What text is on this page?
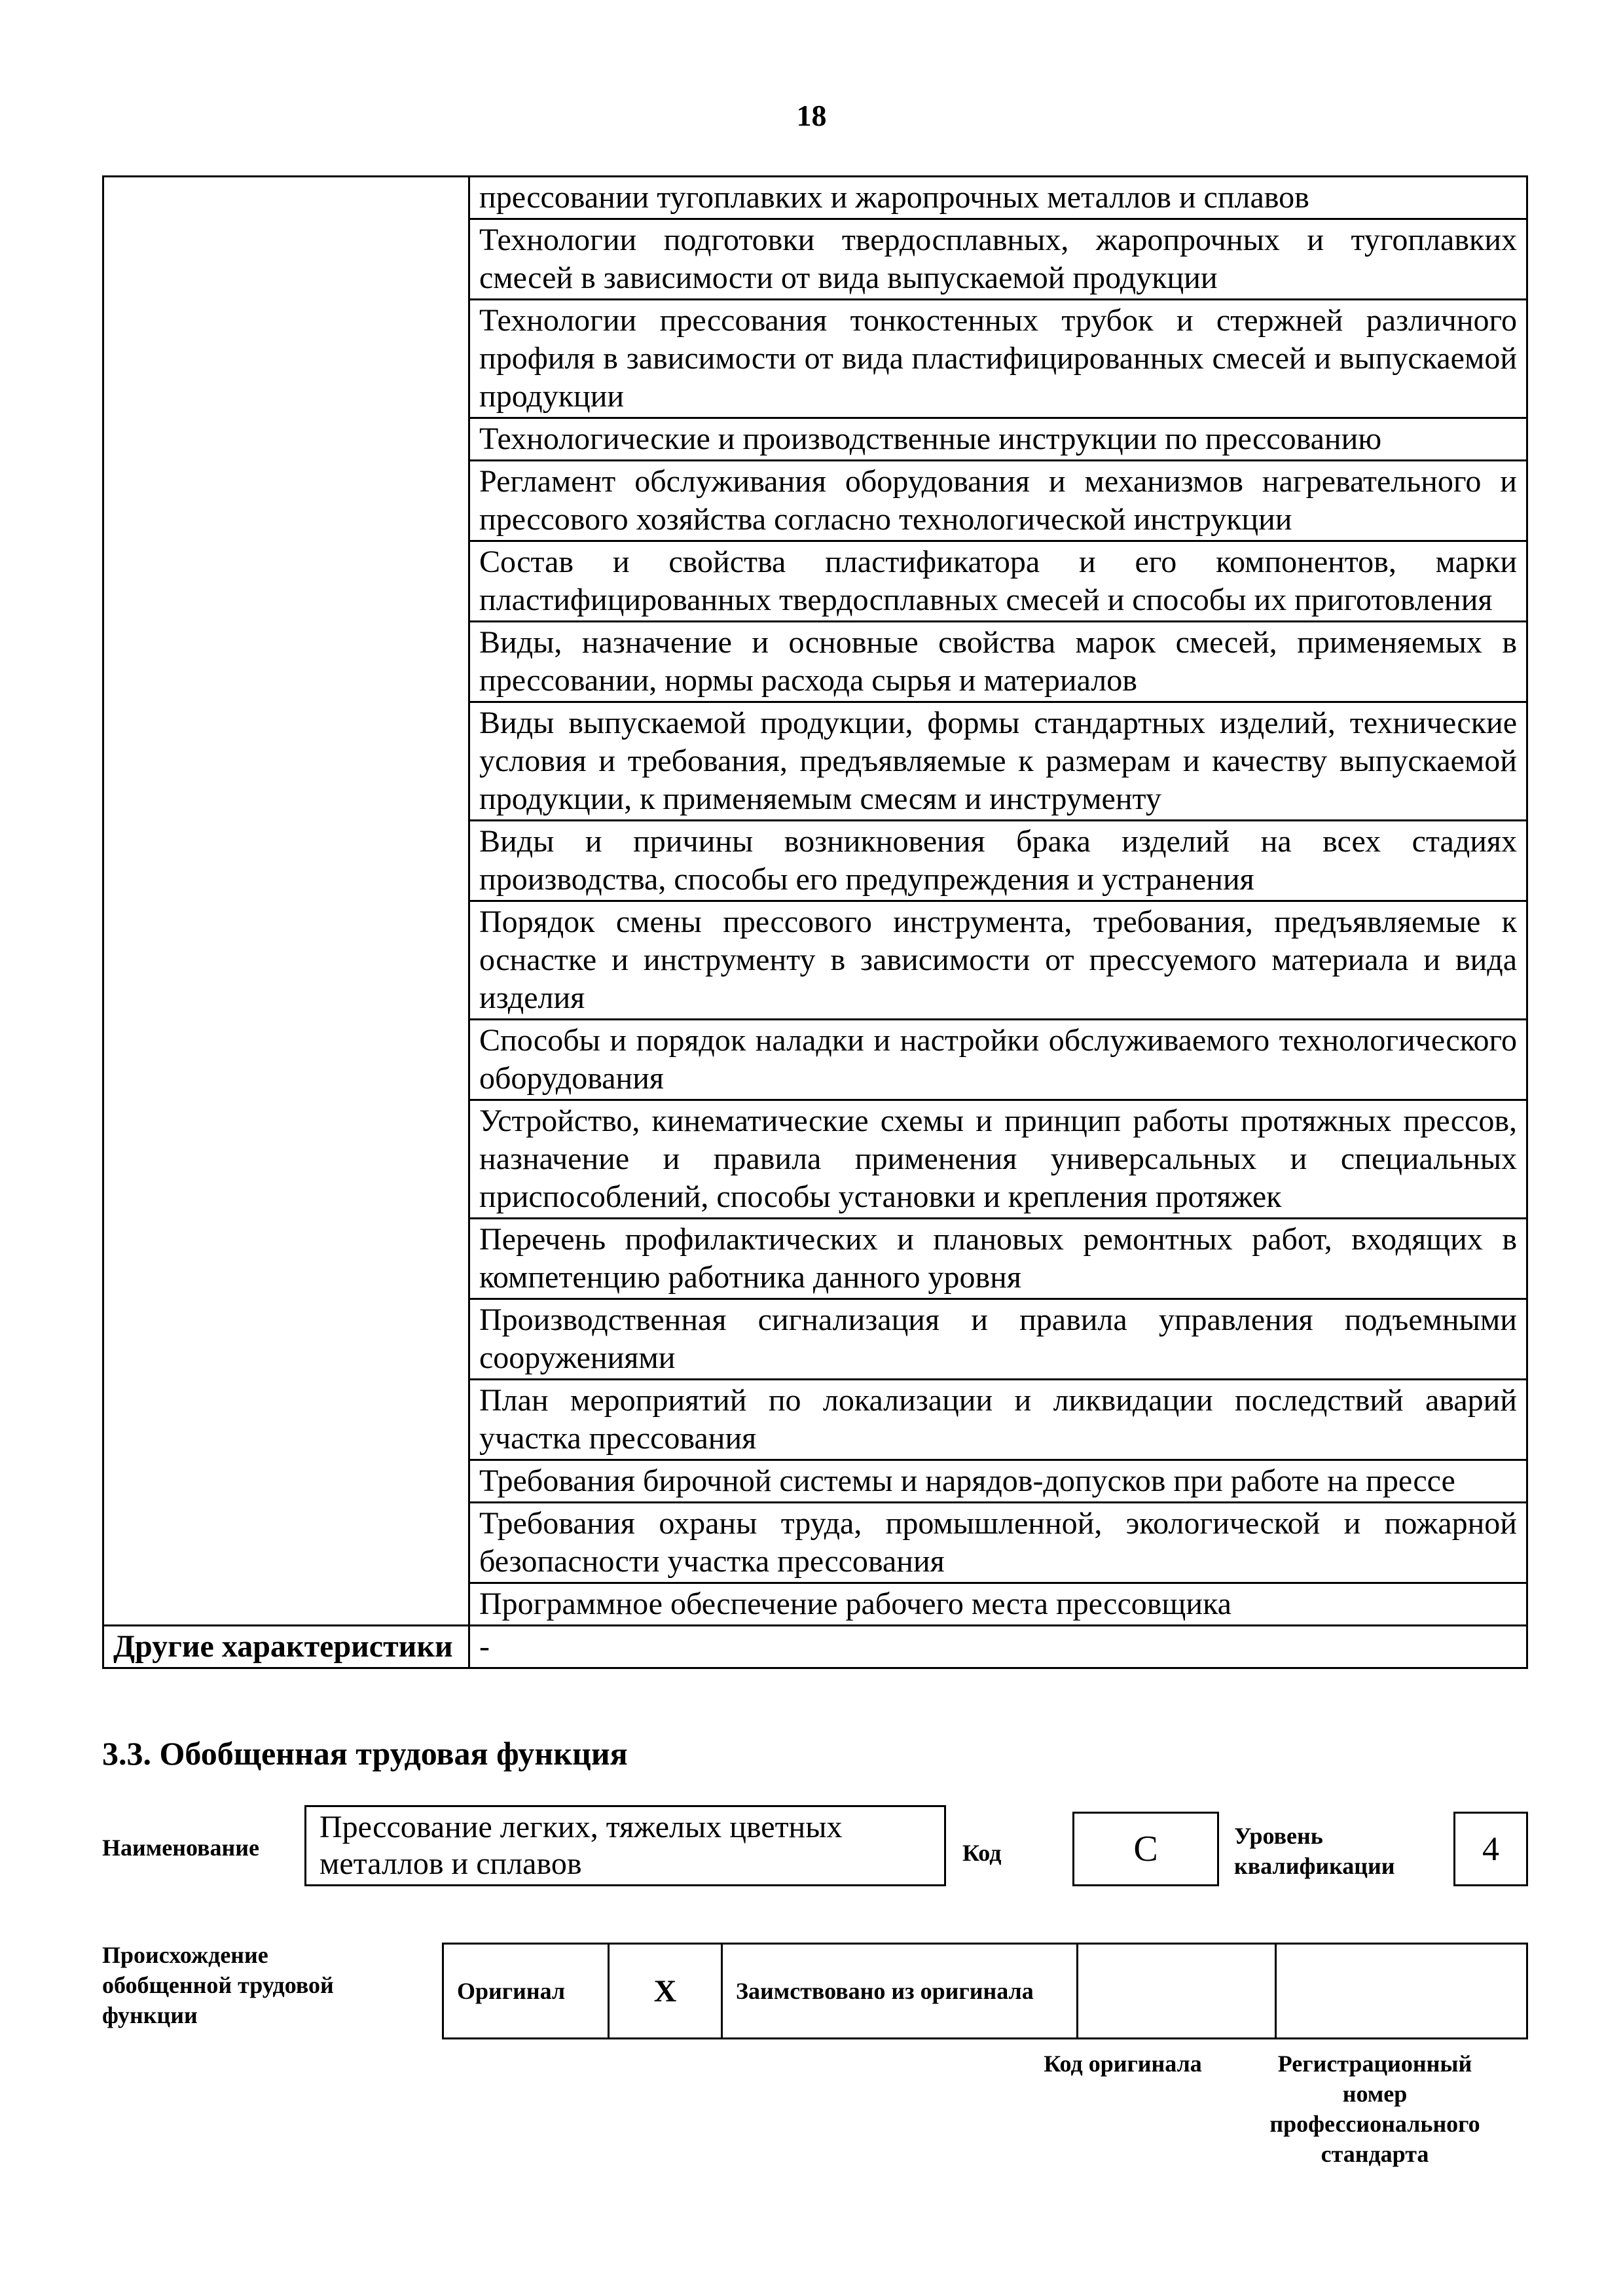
18
	прессовании тугоплавких и жаропрочных металлов и сплавов
	Технологии подготовки твердосплавных, жаропрочных и тугоплавких смесей в зависимости от вида выпускаемой продукции
	Технологии прессования тонкостенных трубок и стержней различного профиля в зависимости от вида пластифицированных смесей и выпускаемой продукции
	Технологические и производственные инструкции по прессованию
	Регламент обслуживания оборудования и механизмов нагревательного и прессового хозяйства согласно технологической инструкции
	Состав и свойства пластификатора и его компонентов, марки пластифицированных твердосплавных смесей и способы их приготовления
	Виды, назначение и основные свойства марок смесей, применяемых в прессовании, нормы расхода сырья и материалов
	Виды выпускаемой продукции, формы стандартных изделий, технические условия и требования, предъявляемые к размерам и качеству выпускаемой продукции, к применяемым смесям и инструменту
	Виды и причины возникновения брака изделий на всех стадиях производства, способы его предупреждения и устранения
	Порядок смены прессового инструмента, требования, предъявляемые к оснастке и инструменту в зависимости от прессуемого материала и вида изделия
	Способы и порядок наладки и настройки обслуживаемого технологического оборудования
	Устройство, кинематические схемы и принцип работы протяжных прессов, назначение и правила применения универсальных и специальных приспособлений, способы установки и крепления протяжек
	Перечень профилактических и плановых ремонтных работ, входящих в компетенцию работника данного уровня
	Производственная сигнализация и правила управления подъемными сооружениями
	План мероприятий по локализации и ликвидации последствий аварий участка прессования
	Требования бирочной системы и нарядов-допусков при работе на прессе
	Требования охраны труда, промышленной, экологической и пожарной безопасности участка прессования
	Программное обеспечение рабочего места прессовщика
Другие характеристики	-
3.3. Обобщенная трудовая функция
Наименование
Прессование легких, тяжелых цветных металлов и сплавов	Код	C	Уровень квалификации	4
Происхождение обобщенной трудовой функции
Оригинал	X	Заимствовано из оригинала		
Код оригинала	Регистрационный номер профессионального стандарта
